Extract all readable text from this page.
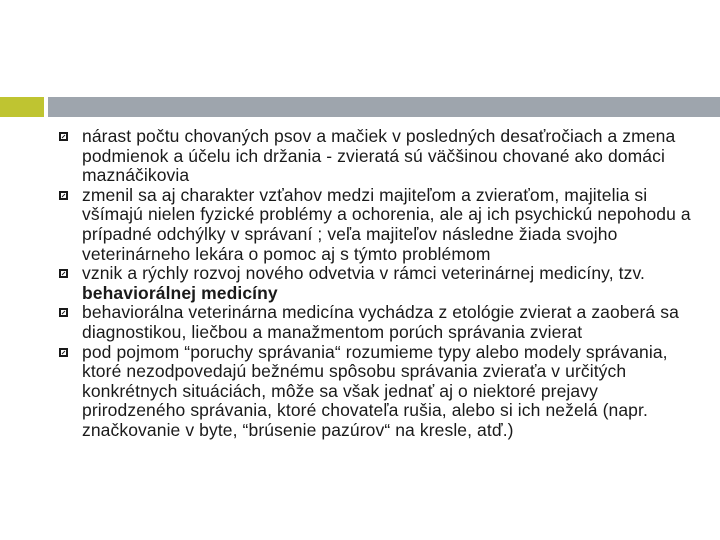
nárast počtu chovaných psov a mačiek v posledných desaťročiach a zmena podmienok a účelu ich držania - zvieratá sú väčšinou chované ako domáci maznáčikovia
zmenil sa aj charakter vzťahov medzi majiteľom a zvieraťom, majitelia si všímajú nielen fyzické problémy a ochorenia, ale aj ich psychickú nepohodu a prípadné odchýlky v správaní ; veľa majiteľov následne žiada svojho veterinárneho lekára o pomoc aj s týmto problémom
vznik a rýchly rozvoj nového odvetvia v rámci veterinárnej medicíny, tzv. behaviorálnej medicíny
behaviorálna veterinárna medicína vychádza z etológie zvierat a zaoberá sa diagnostikou, liečbou a manažmentom porúch správania zvierat
pod pojmom “poruchy správania“ rozumieme typy alebo modely správania, ktoré nezodpovedajú bežnému spôsobu správania zvieraťa v určitých konkrétnych situáciách, môže sa však jednať aj o niektoré prejavy prirodzeného správania, ktoré chovateľa rušia, alebo si ich neželá (napr. značkovanie v byte, “brúsenie pazúrov“ na kresle, atď.)
